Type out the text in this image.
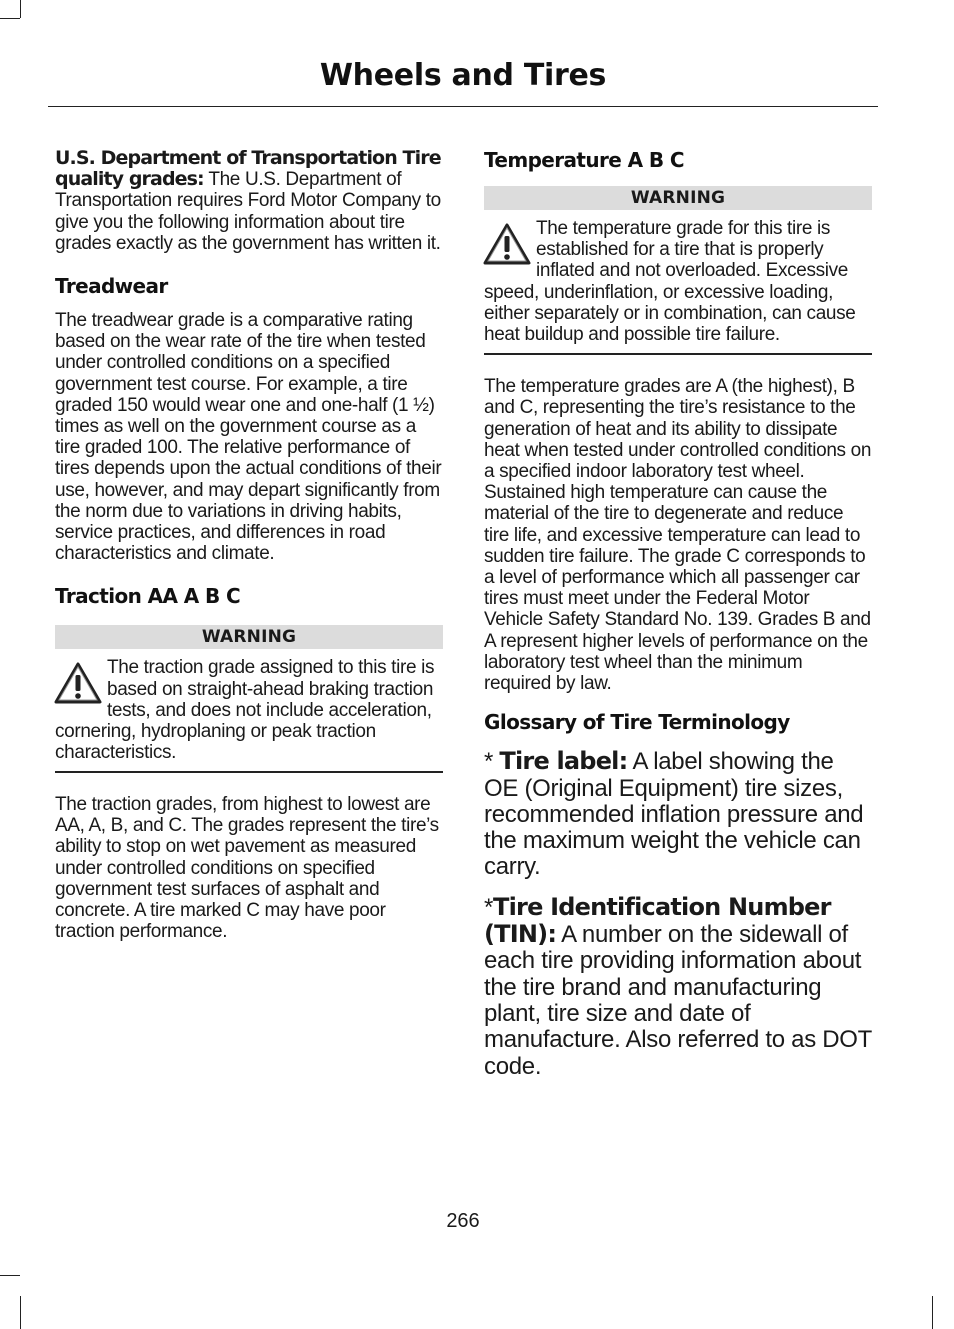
Wheels and Tires

U.S. Department of Transportation Tire quality grades: The U.S. Department of Transportation requires Ford Motor Company to give you the following information about tire grades exactly as the government has written it.

Treadwear

The treadwear grade is a comparative rating based on the wear rate of the tire when tested under controlled conditions on a specified government test course. For example, a tire graded 150 would wear one and one-half (1 ½) times as well on the government course as a tire graded 100. The relative performance of tires depends upon the actual conditions of their use, however, and may depart significantly from the norm due to variations in driving habits, service practices, and differences in road characteristics and climate.

Traction AA A B C
WARNING

The traction grade assigned to this tire is based on straight-ahead braking traction tests, and does not include acceleration, cornering, hydroplaning or peak traction characteristics.

The traction grades, from highest to lowest are AA, A, B, and C. The grades represent the tire’s ability to stop on wet pavement as measured under controlled conditions on specified government test surfaces of asphalt and concrete. A tire marked C may have poor traction performance.

Temperature A B C
WARNING

The temperature grade for this tire is established for a tire that is properly inflated and not overloaded. Excessive speed, underinflation, or excessive loading, either separately or in combination, can cause heat buildup and possible tire failure.

The temperature grades are A (the highest), B and C, representing the tire’s resistance to the generation of heat and its ability to dissipate heat when tested under controlled conditions on a specified indoor laboratory test wheel. Sustained high temperature can cause the material of the tire to degenerate and reduce tire life, and excessive temperature can lead to sudden tire failure. The grade C corresponds to a level of performance which all passenger car tires must meet under the Federal Motor Vehicle Safety Standard No. 139. Grades B and A represent higher levels of performance on the laboratory test wheel than the minimum required by law.

Glossary of Tire Terminology

* Tire label: A label showing the OE (Original Equipment) tire sizes, recommended inflation pressure and the maximum weight the vehicle can carry.

*Tire Identification Number (TIN): A number on the sidewall of each tire providing information about the tire brand and manufacturing plant, tire size and date of manufacture. Also referred to as DOT code.

266
